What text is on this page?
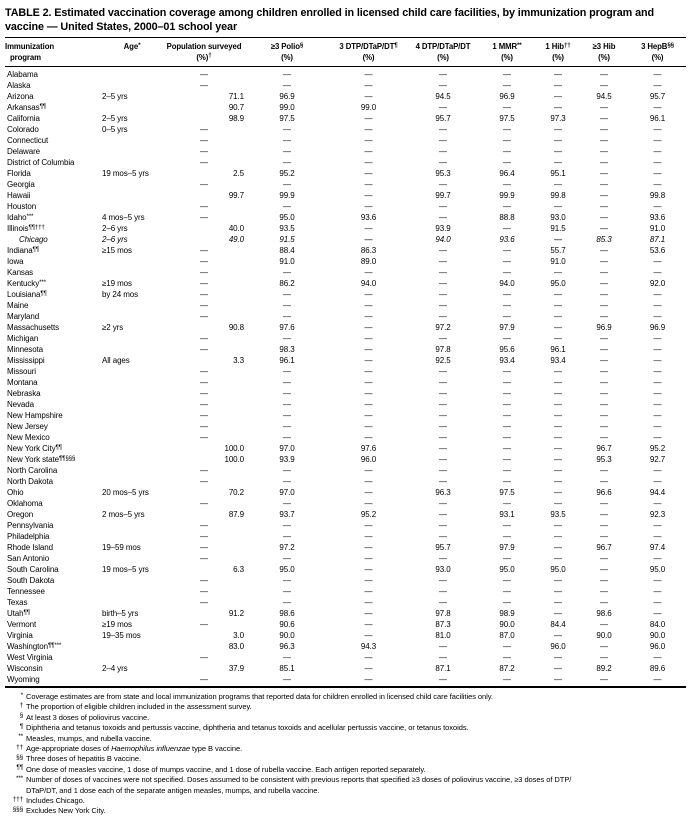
TABLE 2. Estimated vaccination coverage among children enrolled in licensed child care facilities, by immunization program and
vaccine — United States, 2000–01 school year
Immunization
program
Age*	Population surveyed
(%)†
≥3 Polio§
(%)
3 DTP/DTaP/DT¶
(%)
4 DTP/DTaP/DT
(%)
1 MMR**
(%)
1 Hib††
(%)
≥3 Hib
(%)
3 HepB§§
(%)
Alabama	—	—	—	—	—	—	—	—
Alaska	—	—	—	—	—	—	—	—
Arizona	2–5 yrs	71.1	96.9	—	94.5	96.9	—	94.5	95.7
Arkansas¶¶	90.7	99.0	99.0	—	—	—	—	—
California	2–5 yrs	98.9	97.5	—	95.7	97.5	97.3	—	96.1
Colorado	0–5 yrs	—	—	—	—	—	—	—	—
Connecticut	—	—	—	—	—	—	—	—
Delaware	—	—	—	—	—	—	—	—
District of Columbia	—	—	—	—	—	—	—	—
Florida	19 mos–5 yrs	2.5	95.2	—	95.3	96.4	95.1	—	—
Georgia	—	—	—	—	—	—	—	—
Hawaii	99.7	99.9	—	99.7	99.9	99.8	—	99.8
Houston	—	—	—	—	—	—	—	—
Idaho***	4 mos–5 yrs	—	95.0	93.6	—	88.8	93.0	—	93.6
Illinois¶¶†††	2–6 yrs	40.0	93.5	—	93.9	—	91.5	—	91.0
Chicago	2–6 yrs	49.0	91.5	—	94.0	93.6	—	85.3	87.1
Indiana¶¶	≥15 mos	—	88.4	86.3	—	—	55.7	—	53.6
Iowa	—	91.0	89.0	—	—	91.0	—	—
Kansas	—	—	—	—	—	—	—	—
Kentucky***	≥19 mos	—	86.2	94.0	—	94.0	95.0	—	92.0
Louisiana¶¶	by 24 mos	—	—	—	—	—	—	—	—
Maine	—	—	—	—	—	—	—	—
Maryland	—	—	—	—	—	—	—	—
Massachusetts	≥2 yrs	90.8	97.6	—	97.2	97.9	—	96.9	96.9
Michigan	—	—	—	—	—	—	—	—
Minnesota	—	98.3	—	97.8	95.6	96.1	—	—
Mississippi	All ages	3.3	96.1	—	92.5	93.4	93.4	—	—
Missouri	—	—	—	—	—	—	—	—
Montana	—	—	—	—	—	—	—	—
Nebraska	—	—	—	—	—	—	—	—
Nevada	—	—	—	—	—	—	—	—
New Hampshire	—	—	—	—	—	—	—	—
New Jersey	—	—	—	—	—	—	—	—
New Mexico	—	—	—	—	—	—	—	—
New York City¶¶	100.0	97.0	97.6	—	—	—	96.7	95.2
New York state¶¶§§§	100.0	93.9	96.0	—	—	—	95.3	92.7
North Carolina	—	—	—	—	—	—	—	—
North Dakota	—	—	—	—	—	—	—	—
Ohio	20 mos–5 yrs	70.2	97.0	—	96.3	97.5	—	96.6	94.4
Oklahoma	—	—	—	—	—	—	—	—
Oregon	2 mos–5 yrs	87.9	93.7	95.2	—	93.1	93.5	—	92.3
Pennsylvania	—	—	—	—	—	—	—	—
Philadelphia	—	—	—	—	—	—	—	—
Rhode Island	19–59 mos	—	97.2	—	95.7	97.9	—	96.7	97.4
San Antonio	—	—	—	—	—	—	—	—
South Carolina	19 mos–5 yrs	6.3	95.0	—	93.0	95.0	95.0	—	95.0
South Dakota	—	—	—	—	—	—	—	—
Tennessee	—	—	—	—	—	—	—	—
Texas	—	—	—	—	—	—	—	—
Utah¶¶	birth–5 yrs	91.2	98.6	—	97.8	98.9	—	98.6	—
Vermont	≥19 mos	—	90.6	—	87.3	90.0	84.4	—	84.0
Virginia	19–35 mos	3.0	90.0	—	81.0	87.0	—	90.0	90.0
Washington¶¶***	83.0	96.3	94.3	—	—	96.0	—	96.0
West Virginia	—	—	—	—	—	—	—	—
Wisconsin	2–4 yrs	37.9	85.1	—	87.1	87.2	—	89.2	89.6
Wyoming	—	—	—	—	—	—	—	—
* Coverage estimates are from state and local immunization programs that reported data for children enrolled in licensed child care facilities only.
† The proportion of eligible children included in the assessment survey.
§ At least 3 doses of poliovirus vaccine.
¶ Diphtheria and tetanus toxoids and pertussis vaccine, diphtheria and tetanus toxoids and acellular pertussis vaccine, or tetanus toxoids.
** Measles, mumps, and rubella vaccine.
†† Age-appropriate doses of Haemophilus influenzae type B vaccine.
§§ Three doses of hepatitis B vaccine.
¶¶ One dose of measles vaccine, 1 dose of mumps vaccine, and 1 dose of rubella vaccine. Each antigen reported separately.
*** Number of doses of vaccines were not specified. Doses assumed to be consistent with previous reports that specified ≥3 doses of poliovirus vaccine, ≥3 doses of DTP/
DTaP/DT, and 1 dose each of the separate antigen measles, mumps, and rubella vaccine.
††† Includes Chicago.
§§§ Excludes New York City.
